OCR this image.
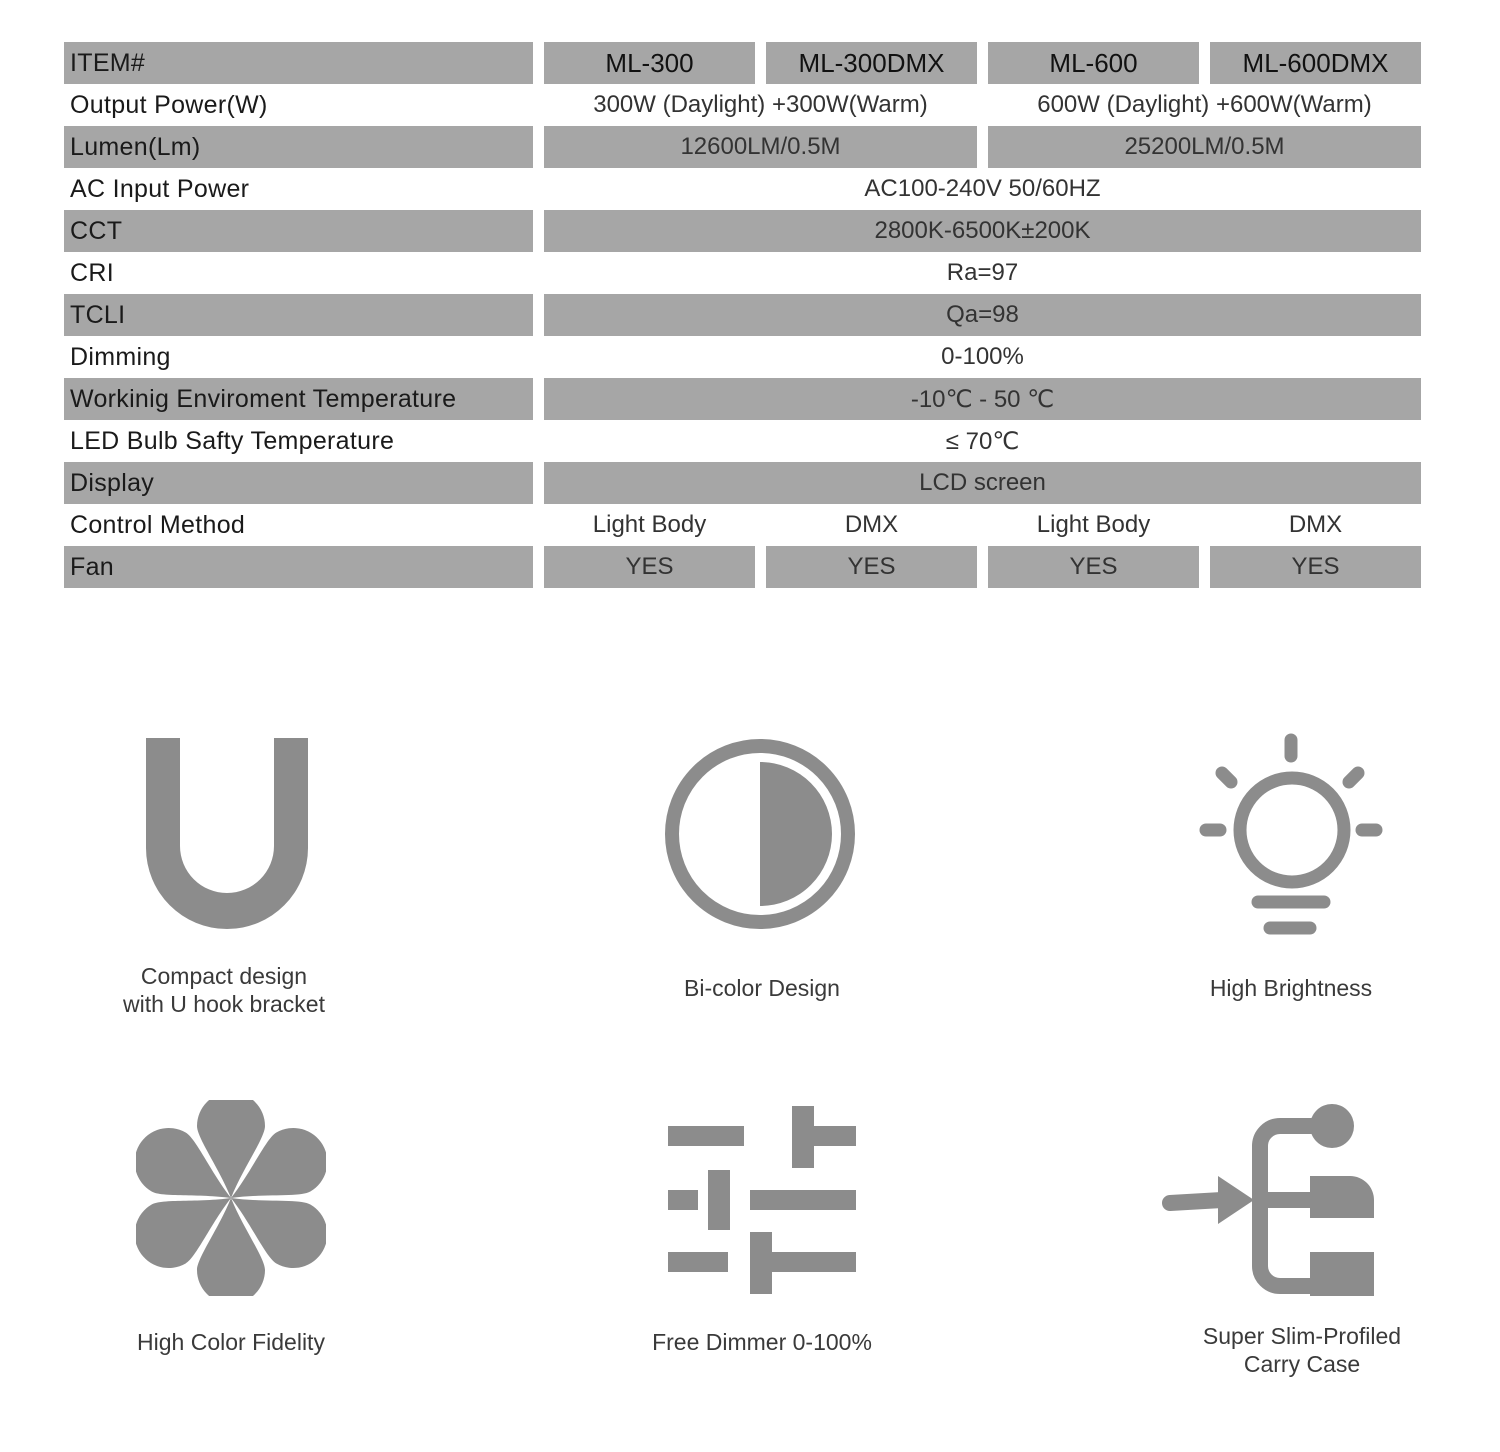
ITEM#	ML-300	ML-300DMX	ML-600	ML-600DMX
Output Power(W)	300W (Daylight) +300W(Warm)	600W (Daylight) +600W(Warm)
Lumen(Lm)	12600LM/0.5M	25200LM/0.5M
AC Input Power	AC100-240V 50/60HZ
CCT	2800K-6500K±200K
CRI	Ra=97
TCLI	Qa=98
Dimming	0-100%
Workinig Enviroment Temperature	-10℃ - 50 ℃
LED Bulb Safty Temperature	≤ 70℃
Display	LCD screen
Control Method	Light Body	DMX	Light Body	DMX
Fan	YES	YES	YES	YES
Compact design
with U hook bracket
Bi-color Design	High Brightness
High Color Fidelity	Free Dimmer 0-100%	Super Slim-Profiled
Carry Case
